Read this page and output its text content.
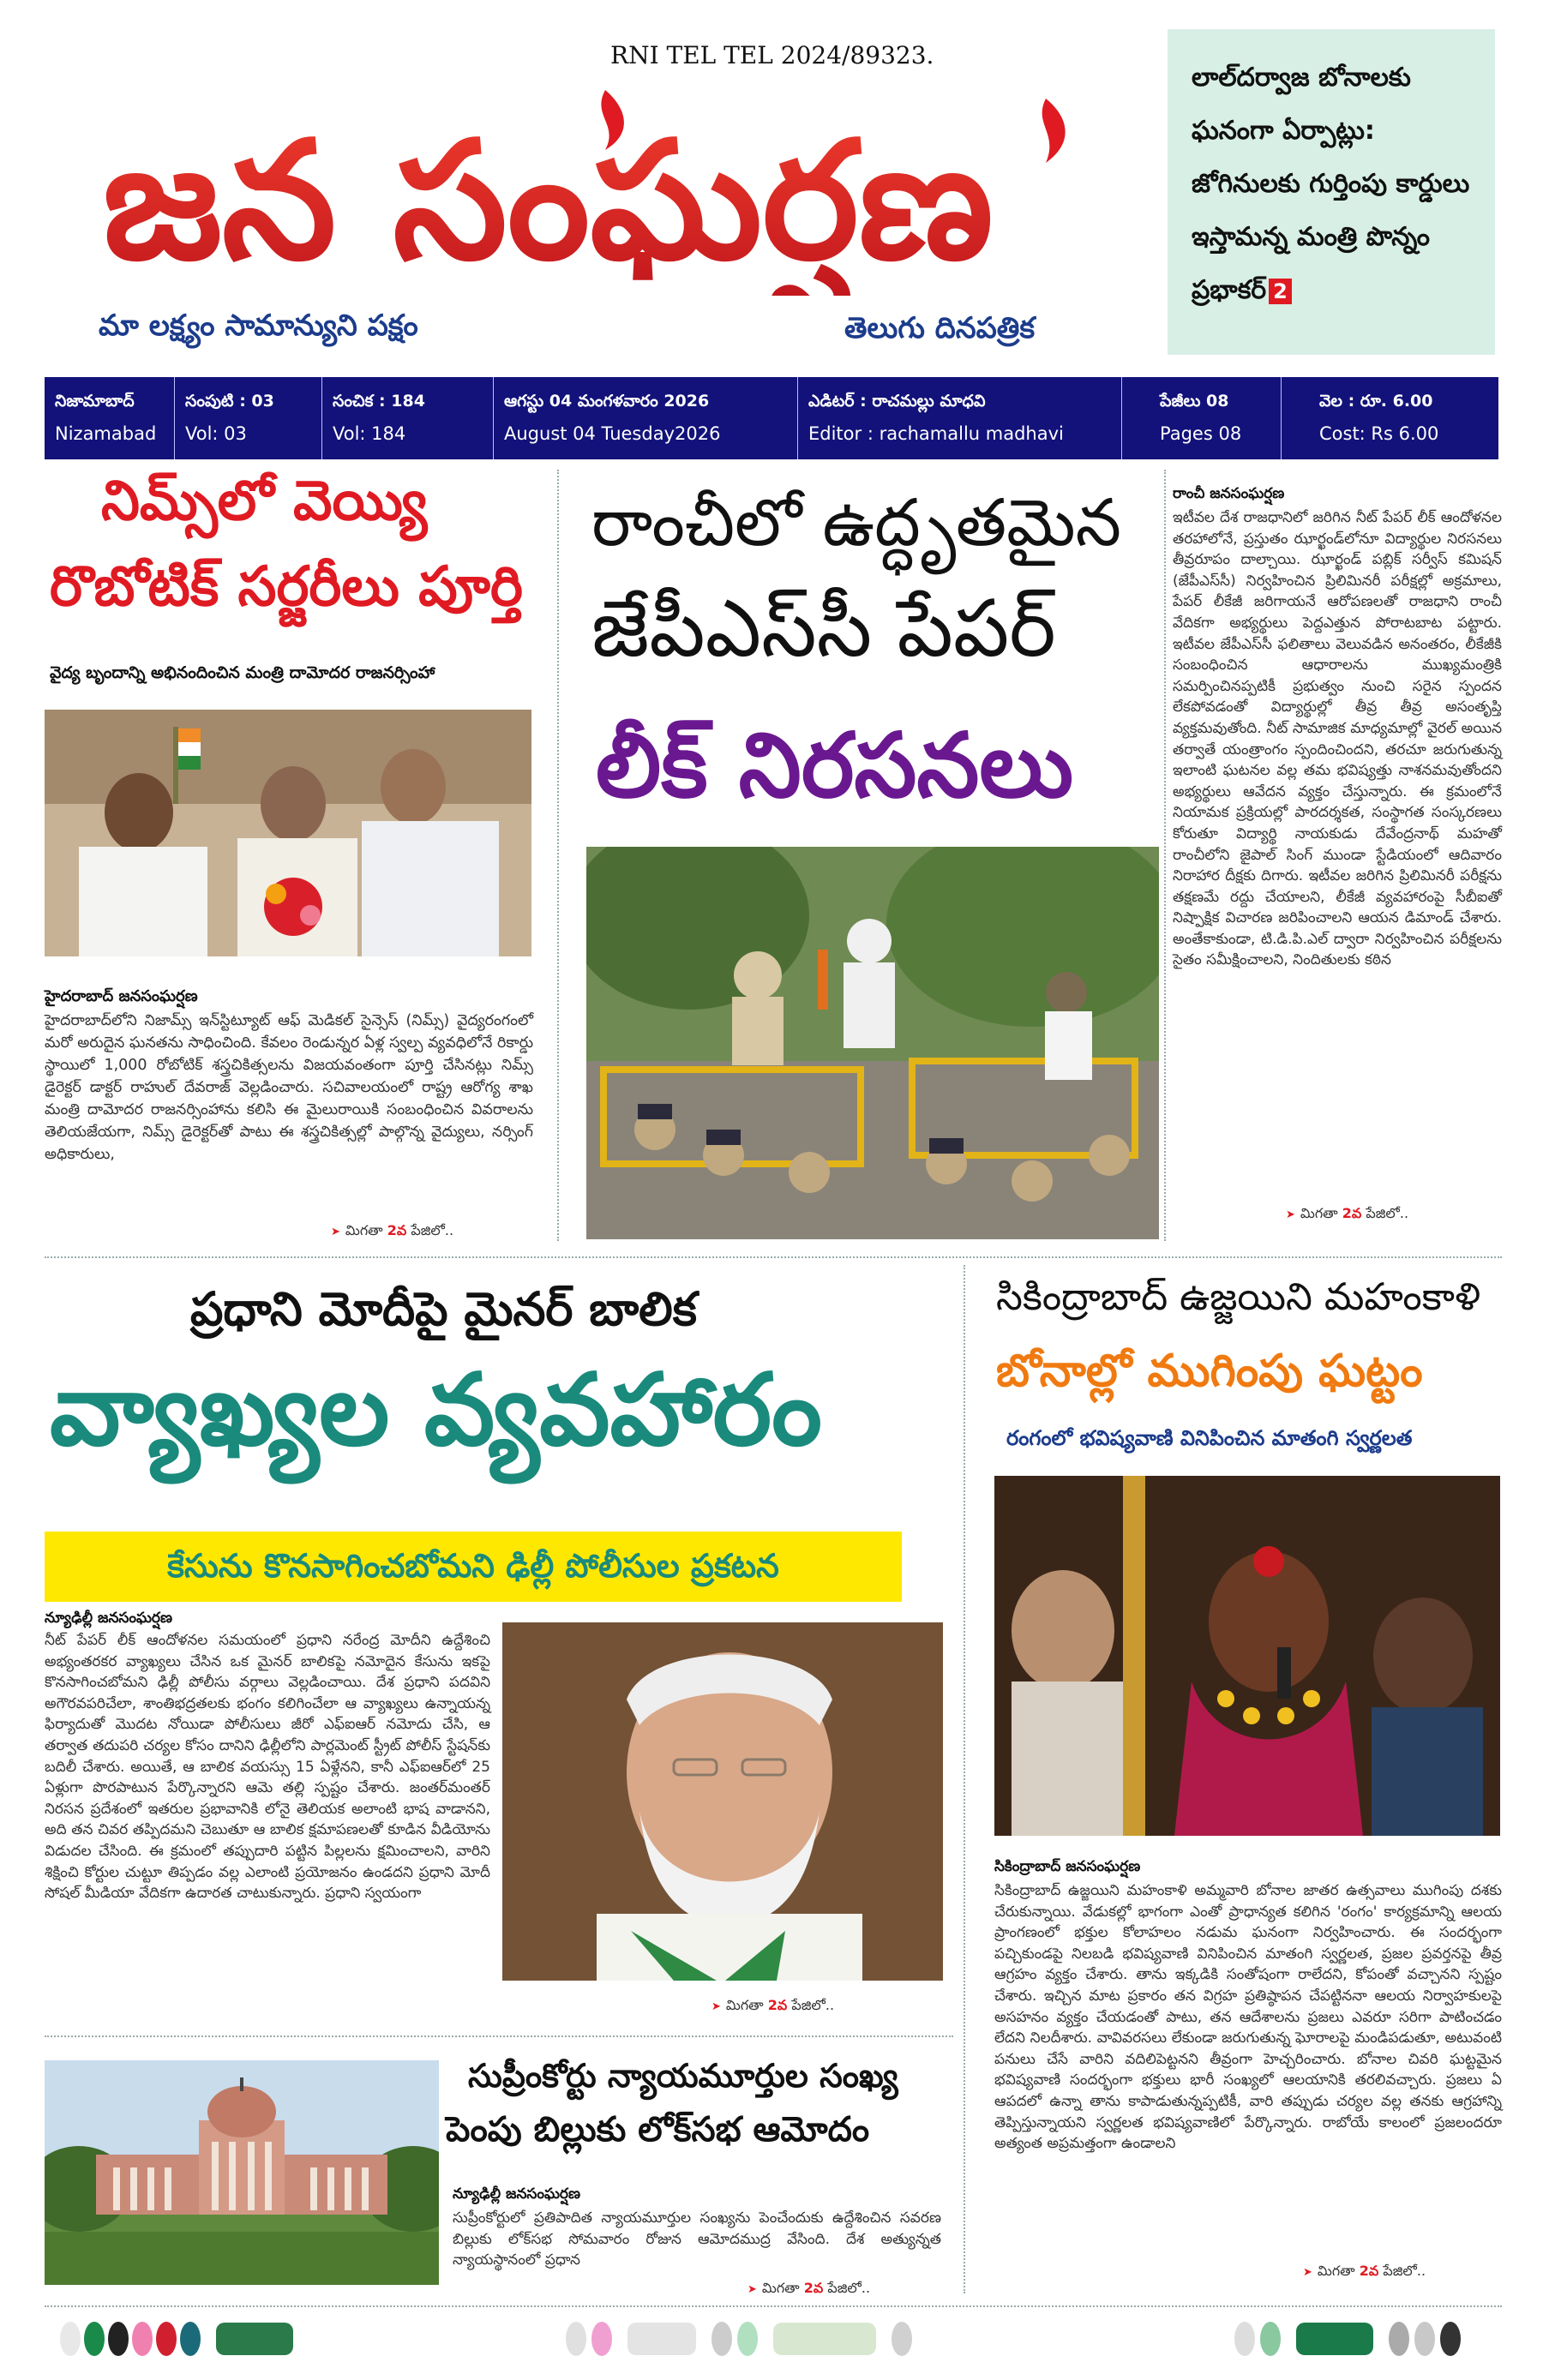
RNI TEL TEL 2024/89323.
జన సంఘర్షణ
మా లక్ష్యం సామాన్యుని పక్షం	తెలుగు దినపత్రిక
లాల్‌దర్వాజ బోనాలకు ఘనంగా ఏర్పాట్లు: జోగినులకు గుర్తింపు కార్డులు ఇస్తామన్న మంత్రి పొన్నం ప్రభాకర్ 2
నిజామాబాద్
Nizamabad
సంపుటి : 03
Vol: 03
సంచిక : 184
Vol: 184
ఆగస్టు 04 మంగళవారం 2026
August 04 Tuesday2026
ఎడిటర్ : రాచమల్లు మాధవి
Editor : rachamallu madhavi
పేజీలు 08
Pages 08
వెల : రూ. 6.00
Cost: Rs 6.00
నిమ్స్‌లో వెయ్యి
రొబోటిక్ సర్జరీలు పూర్తి
వైద్య బృందాన్ని అభినందించిన మంత్రి దామోదర రాజనర్సింహా
హైదరాబాద్ జనసంఘర్షణ
హైదరాబాద్‌లోని నిజామ్స్ ఇన్‌స్టిట్యూట్ ఆఫ్ మెడికల్ సైన్సెస్ (నిమ్స్) వైద్యరంగంలో మరో అరుదైన ఘనతను సాధించింది. కేవలం రెండున్నర ఏళ్ల స్వల్ప వ్యవధిలోనే రికార్డు స్థాయిలో 1,000 రోబోటిక్ శస్త్రచికిత్సలను విజయవంతంగా పూర్తి చేసినట్లు నిమ్స్ డైరెక్టర్ డాక్టర్ రాహుల్ దేవరాజ్ వెల్లడించారు. సచివాలయంలో రాష్ట్ర ఆరోగ్య శాఖ మంత్రి దామోదర రాజనర్సింహాను కలిసి ఈ మైలురాయికి సంబంధించిన వివరాలను తెలియజేయగా, నిమ్స్ డైరెక్టర్‌తో పాటు ఈ శస్త్రచికిత్సల్లో పాల్గొన్న వైద్యులు, నర్సింగ్ అధికారులు,
➤ మిగతా 2వ పేజిలో..
రాంచీలో ఉద్ధృతమైన
జేపీఎస్‌సీ పేపర్
లీక్ నిరసనలు
రాంచీ జనసంఘర్షణ
ఇటీవల దేశ రాజధానిలో జరిగిన నీట్ పేపర్ లీక్ ఆందోళనల తరహాలోనే, ప్రస్తుతం ఝార్ఖండ్‌లోనూ విద్యార్థుల నిరసనలు తీవ్రరూపం దాల్చాయి. ఝార్ఖండ్ పబ్లిక్ సర్వీస్ కమిషన్ (జేపీఎస్‌సీ) నిర్వహించిన ప్రిలిమినరీ పరీక్షల్లో అక్రమాలు, పేపర్ లీకేజీ జరిగాయనే ఆరోపణలతో రాజధాని రాంచీ వేదికగా అభ్యర్థులు పెద్దఎత్తున పోరాటబాట పట్టారు. ఇటీవల జేపీఎస్‌సీ ఫలితాలు వెలువడిన అనంతరం, లీకేజీకి సంబంధించిన ఆధారాలను ముఖ్యమంత్రికి సమర్పించినప్పటికీ ప్రభుత్వం నుంచి సరైన స్పందన లేకపోవడంతో విద్యార్థుల్లో తీవ్ర తీవ్ర అసంతృప్తి వ్యక్తమవుతోంది. నీట్ సామాజిక మాధ్యమాల్లో వైరల్ అయిన తర్వాతే యంత్రాంగం స్పందించిందని, తరచూ జరుగుతున్న ఇలాంటి ఘటనల వల్ల తమ భవిష్యత్తు నాశనమవుతోందని అభ్యర్థులు ఆవేదన వ్యక్తం చేస్తున్నారు. ఈ క్రమంలోనే నియామక ప్రక్రియల్లో పారదర్శకత, సంస్థాగత సంస్కరణలు కోరుతూ విద్యార్థి నాయకుడు దేవేంద్రనాథ్ మహతో రాంచీలోని జైపాల్ సింగ్ ముండా స్టేడియంలో ఆదివారం నిరాహార దీక్షకు దిగారు. ఇటీవల జరిగిన ప్రిలిమినరీ పరీక్షను తక్షణమే రద్దు చేయాలని, లీకేజీ వ్యవహారంపై సీబీఐతో నిష్పాక్షిక విచారణ జరిపించాలని ఆయన డిమాండ్ చేశారు. అంతేకాకుండా, టి.డి.పి.ఎల్ ద్వారా నిర్వహించిన పరీక్షలను సైతం సమీక్షించాలని, నిందితులకు కఠిన
➤ మిగతా 2వ పేజిలో..
ప్రధాని మోదీపై మైనర్ బాలిక
వ్యాఖ్యల వ్యవహారం
కేసును కొనసాగించబోమని ఢిల్లీ పోలీసుల ప్రకటన
న్యూఢిల్లీ జనసంఘర్షణ
నీట్ పేపర్ లీక్ ఆందోళనల సమయంలో ప్రధాని నరేంద్ర మోదీని ఉద్దేశించి అభ్యంతరకర వ్యాఖ్యలు చేసిన ఒక మైనర్ బాలికపై నమోదైన కేసును ఇకపై కొనసాగించబోమని ఢిల్లీ పోలీసు వర్గాలు వెల్లడించాయి. దేశ ప్రధాని పదవిని అగౌరవపరిచేలా, శాంతిభద్రతలకు భంగం కలిగించేలా ఆ వ్యాఖ్యలు ఉన్నాయన్న ఫిర్యాదుతో మొదట నోయిడా పోలీసులు జీరో ఎఫ్‌ఐఆర్ నమోదు చేసి, ఆ తర్వాత తదుపరి చర్యల కోసం దానిని ఢిల్లీలోని పార్లమెంట్ స్ట్రీట్ పోలీస్ స్టేషన్‌కు బదిలీ చేశారు. అయితే, ఆ బాలిక వయస్సు 15 ఏళ్లేనని, కానీ ఎఫ్‌ఐఆర్‌లో 25 ఏళ్లుగా పొరపాటున పేర్కొన్నారని ఆమె తల్లి స్పష్టం చేశారు. జంతర్‌మంతర్ నిరసన ప్రదేశంలో ఇతరుల ప్రభావానికి లోనై తెలియక అలాంటి భాష వాడానని, అది తన చివర తప్పిదమని చెబుతూ ఆ బాలిక క్షమాపణలతో కూడిన వీడియోను విడుదల చేసింది. ఈ క్రమంలో తప్పుదారి పట్టిన పిల్లలను క్షమించాలని, వారిని శిక్షించి కోర్టుల చుట్టూ తిప్పడం వల్ల ఎలాంటి ప్రయోజనం ఉండదని ప్రధాని మోదీ సోషల్ మీడియా వేదికగా ఉదారత చాటుకున్నారు. ప్రధాని స్వయంగా
➤ మిగతా 2వ పేజిలో..
సికింద్రాబాద్ ఉజ్జయిని మహంకాళి
బోనాల్లో ముగింపు ఘట్టం
రంగంలో భవిష్యవాణి వినిపించిన మాతంగి స్వర్ణలత
సికింద్రాబాద్ జనసంఘర్షణ
సికింద్రాబాద్ ఉజ్జయిని మహంకాళి అమ్మవారి బోనాల జాతర ఉత్సవాలు ముగింపు దశకు చేరుకున్నాయి. వేడుకల్లో భాగంగా ఎంతో ప్రాధాన్యత కలిగిన 'రంగం' కార్యక్రమాన్ని ఆలయ ప్రాంగణంలో భక్తుల కోలాహలం నడుమ ఘనంగా నిర్వహించారు. ఈ సందర్భంగా పచ్చికుండపై నిలబడి భవిష్యవాణి వినిపించిన మాతంగి స్వర్ణలత, ప్రజల ప్రవర్తనపై తీవ్ర ఆగ్రహం వ్యక్తం చేశారు. తాను ఇక్కడికి సంతోషంగా రాలేదని, కోపంతో వచ్చానని స్పష్టం చేశారు. ఇచ్చిన మాట ప్రకారం తన విగ్రహ ప్రతిష్ఠాపన చేపట్టిననా ఆలయ నిర్వాహకులపై అసహనం వ్యక్తం చేయడంతో పాటు, తన ఆదేశాలను ప్రజలు ఎవరూ సరిగా పాటించడం లేదని నిలదీశారు. వావివరసలు లేకుండా జరుగుతున్న ఘోరాలపై మండిపడుతూ, అటువంటి పనులు చేసే వారిని వదిలిపెట్టనని తీవ్రంగా హెచ్చరించారు. బోనాల చివరి ఘట్టమైన భవిష్యవాణి సందర్భంగా భక్తులు భారీ సంఖ్యలో ఆలయానికి తరలివచ్చారు. ప్రజలు ఏ ఆపదలో ఉన్నా తాను కాపాడుతున్నప్పటికీ, వారి తప్పుడు చర్యల వల్ల తనకు ఆగ్రహాన్ని తెప్పిస్తున్నాయని స్వర్ణలత భవిష్యవాణిలో పేర్కొన్నారు. రాబోయే కాలంలో ప్రజలందరూ అత్యంత అప్రమత్తంగా ఉండాలని
➤ మిగతా 2వ పేజిలో..
సుప్రీంకోర్టు న్యాయమూర్తుల సంఖ్య
పెంపు బిల్లుకు లోక్‌సభ ఆమోదం
న్యూఢిల్లీ జనసంఘర్షణ
సుప్రీంకోర్టులో ప్రతిపాదిత న్యాయమూర్తుల సంఖ్యను పెంచేందుకు ఉద్దేశించిన సవరణ బిల్లుకు లోక్‌సభ సోమవారం రోజున ఆమోదముద్ర వేసింది. దేశ అత్యున్నత న్యాయస్థానంలో ప్రధాన
➤ మిగతా 2వ పేజిలో..
